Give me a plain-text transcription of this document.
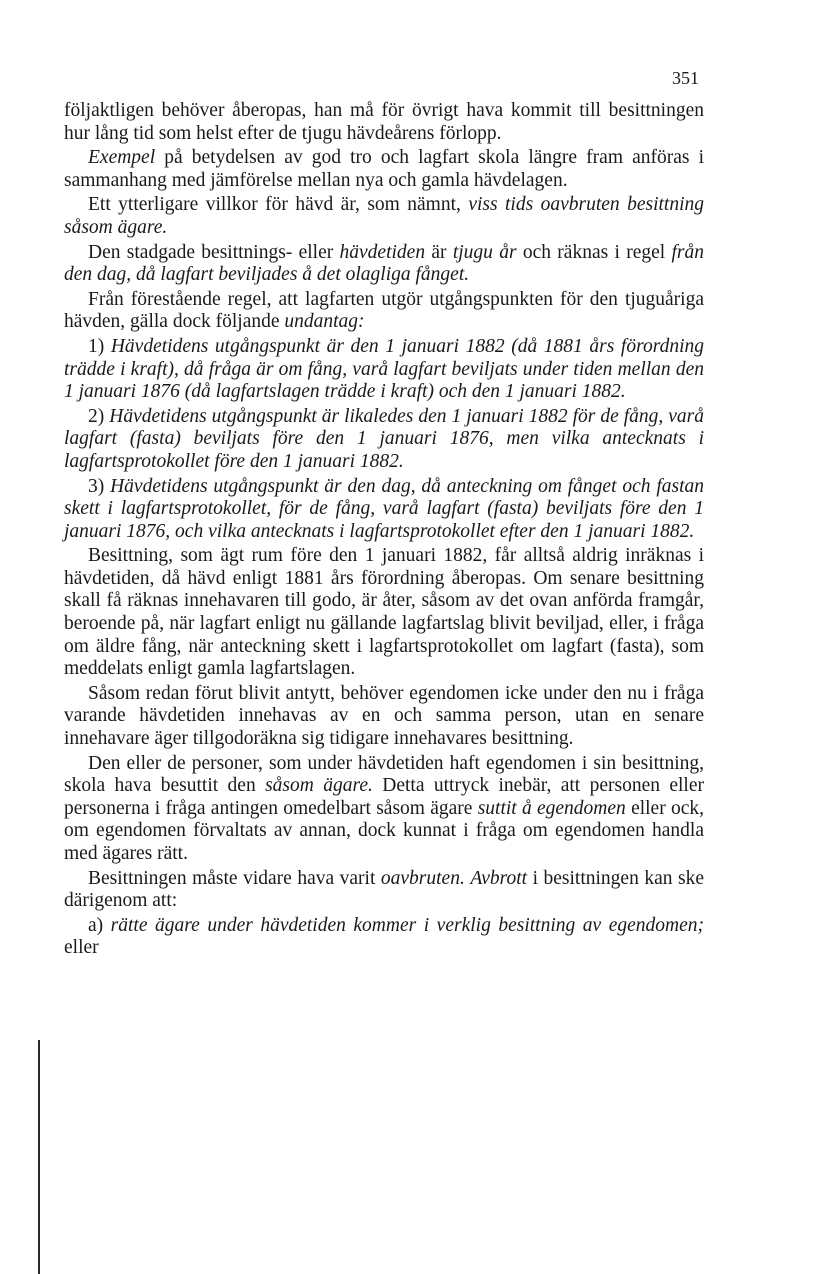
351

följaktligen behöver åberopas, han må för övrigt hava kommit till besittningen hur lång tid som helst efter de tjugu hävdeårens förlopp.

Exempel på betydelsen av god tro och lagfart skola längre fram anföras i sammanhang med jämförelse mellan nya och gamla hävdelagen.

Ett ytterligare villkor för hävd är, som nämnt, viss tids oavbruten besittning såsom ägare.

Den stadgade besittnings- eller hävdetiden är tjugu år och räknas i regel från den dag, då lagfart beviljades å det olagliga fånget.

Från förestående regel, att lagfarten utgör utgångspunkten för den tjuguåriga hävden, gälla dock följande undantag:

1) Hävdetidens utgångspunkt är den 1 januari 1882 (då 1881 års förordning trädde i kraft), då fråga är om fång, varå lagfart beviljats under tiden mellan den 1 januari 1876 (då lagfartslagen trädde i kraft) och den 1 januari 1882.

2) Hävdetidens utgångspunkt är likaledes den 1 januari 1882 för de fång, varå lagfart (fasta) beviljats före den 1 januari 1876, men vilka antecknats i lagfartsprotokollet före den 1 januari 1882.

3) Hävdetidens utgångspunkt är den dag, då anteckning om fånget och fastan skett i lagfartsprotokollet, för de fång, varå lagfart (fasta) beviljats före den 1 januari 1876, och vilka antecknats i lagfartsprotokollet efter den 1 januari 1882.

Besittning, som ägt rum före den 1 januari 1882, får alltså aldrig inräknas i hävdetiden, då hävd enligt 1881 års förordning åberopas. Om senare besittning skall få räknas innehavaren till godo, är åter, såsom av det ovan anförda framgår, beroende på, när lagfart enligt nu gällande lagfartslag blivit beviljad, eller, i fråga om äldre fång, när anteckning skett i lagfartsprotokollet om lagfart (fasta), som meddelats enligt gamla lagfartslagen.

Såsom redan förut blivit antytt, behöver egendomen icke under den nu i fråga varande hävdetiden innehavas av en och samma person, utan en senare innehavare äger tillgodoräkna sig tidigare innehavares besittning.

Den eller de personer, som under hävdetiden haft egendomen i sin besittning, skola hava besuttit den såsom ägare. Detta uttryck inebär, att personen eller personerna i fråga antingen omedelbart såsom ägare suttit å egendomen eller ock, om egendomen förvaltats av annan, dock kunnat i fråga om egendomen handla med ägares rätt.

Besittningen måste vidare hava varit oavbruten. Avbrott i besittningen kan ske därigenom att:

a) rätte ägare under hävdetiden kommer i verklig besittning av egendomen; eller
